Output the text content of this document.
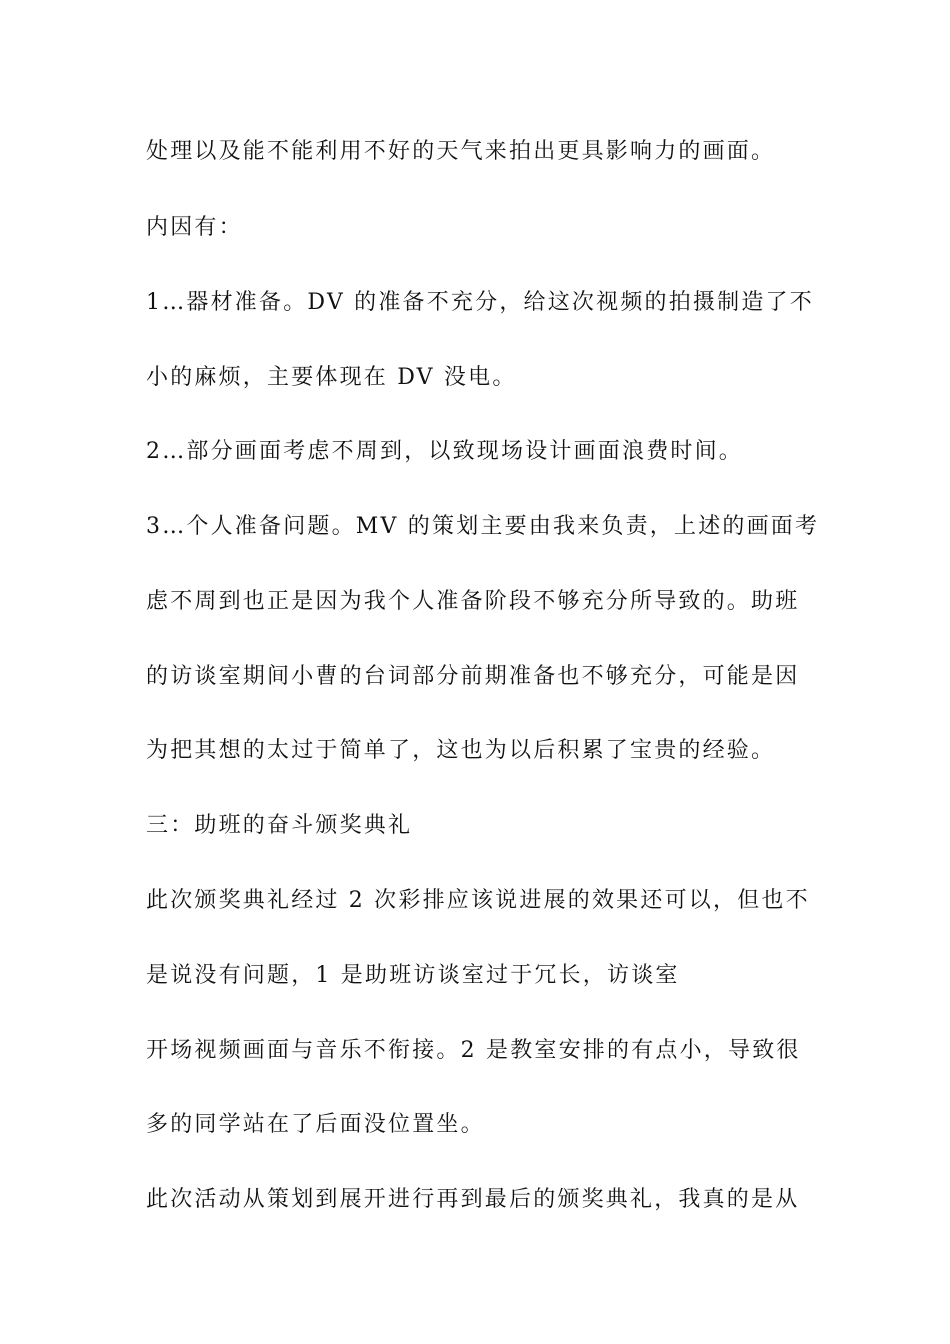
处理以及能不能利用不好的天气来拍出更具影响力的画面。
内因有：
1…器材准备。DV 的准备不充分，给这次视频的拍摄制造了不
小的麻烦，主要体现在 DV 没电。
2…部分画面考虑不周到，以致现场设计画面浪费时间。
3…个人准备问题。MV 的策划主要由我来负责，上述的画面考
虑不周到也正是因为我个人准备阶段不够充分所导致的。助班
的访谈室期间小曹的台词部分前期准备也不够充分，可能是因
为把其想的太过于简单了，这也为以后积累了宝贵的经验。
三：助班的奋斗颁奖典礼
此次颁奖典礼经过 2 次彩排应该说进展的效果还可以，但也不
是说没有问题，1 是助班访谈室过于冗长，访谈室
开场视频画面与音乐不衔接。2 是教室安排的有点小，导致很
多的同学站在了后面没位置坐。
此次活动从策划到展开进行再到最后的颁奖典礼，我真的是从
